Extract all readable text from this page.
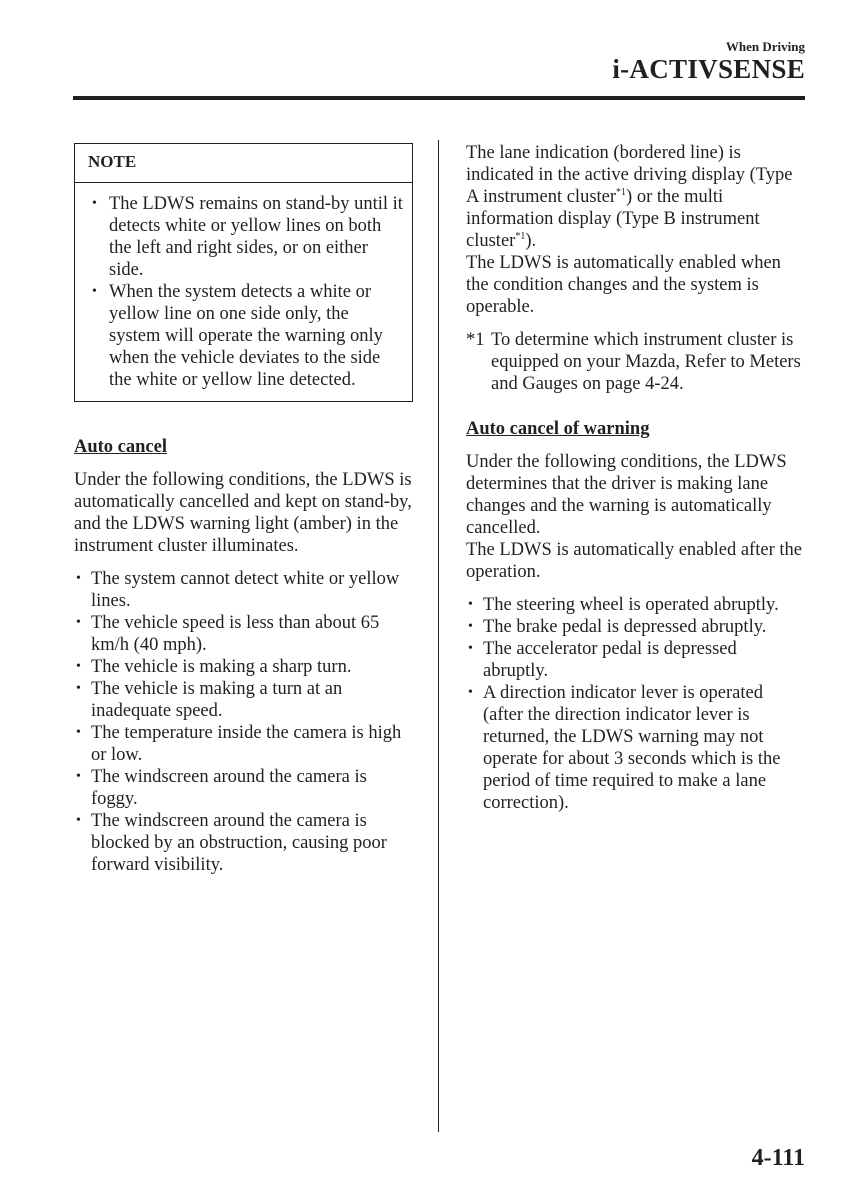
When Driving
i-ACTIVSENSE
NOTE
• The LDWS remains on stand-by until it detects white or yellow lines on both the left and right sides, or on either side.
• When the system detects a white or yellow line on one side only, the system will operate the warning only when the vehicle deviates to the side the white or yellow line detected.

Auto cancel

Under the following conditions, the LDWS is automatically cancelled and kept on stand-by, and the LDWS warning light (amber) in the instrument cluster illuminates.

• The system cannot detect white or yellow lines.
• The vehicle speed is less than about 65 km/h (40 mph).
• The vehicle is making a sharp turn.
• The vehicle is making a turn at an inadequate speed.
• The temperature inside the camera is high or low.
• The windscreen around the camera is foggy.
• The windscreen around the camera is blocked by an obstruction, causing poor forward visibility.

The lane indication (bordered line) is indicated in the active driving display (Type A instrument cluster$^{*1}$) or the multi information display (Type B instrument cluster$^{*1}$).

The LDWS is automatically enabled when the condition changes and the system is operable.

*1 To determine which instrument cluster is equipped on your Mazda, Refer to Meters and Gauges on page 4-24.

Auto cancel of warning

Under the following conditions, the LDWS determines that the driver is making lane changes and the warning is automatically cancelled.

The LDWS is automatically enabled after the operation.

• The steering wheel is operated abruptly.
• The brake pedal is depressed abruptly.
• The accelerator pedal is depressed abruptly.
• A direction indicator lever is operated (after the direction indicator lever is returned, the LDWS warning may not operate for about 3 seconds which is the period of time required to make a lane correction).
4-111
